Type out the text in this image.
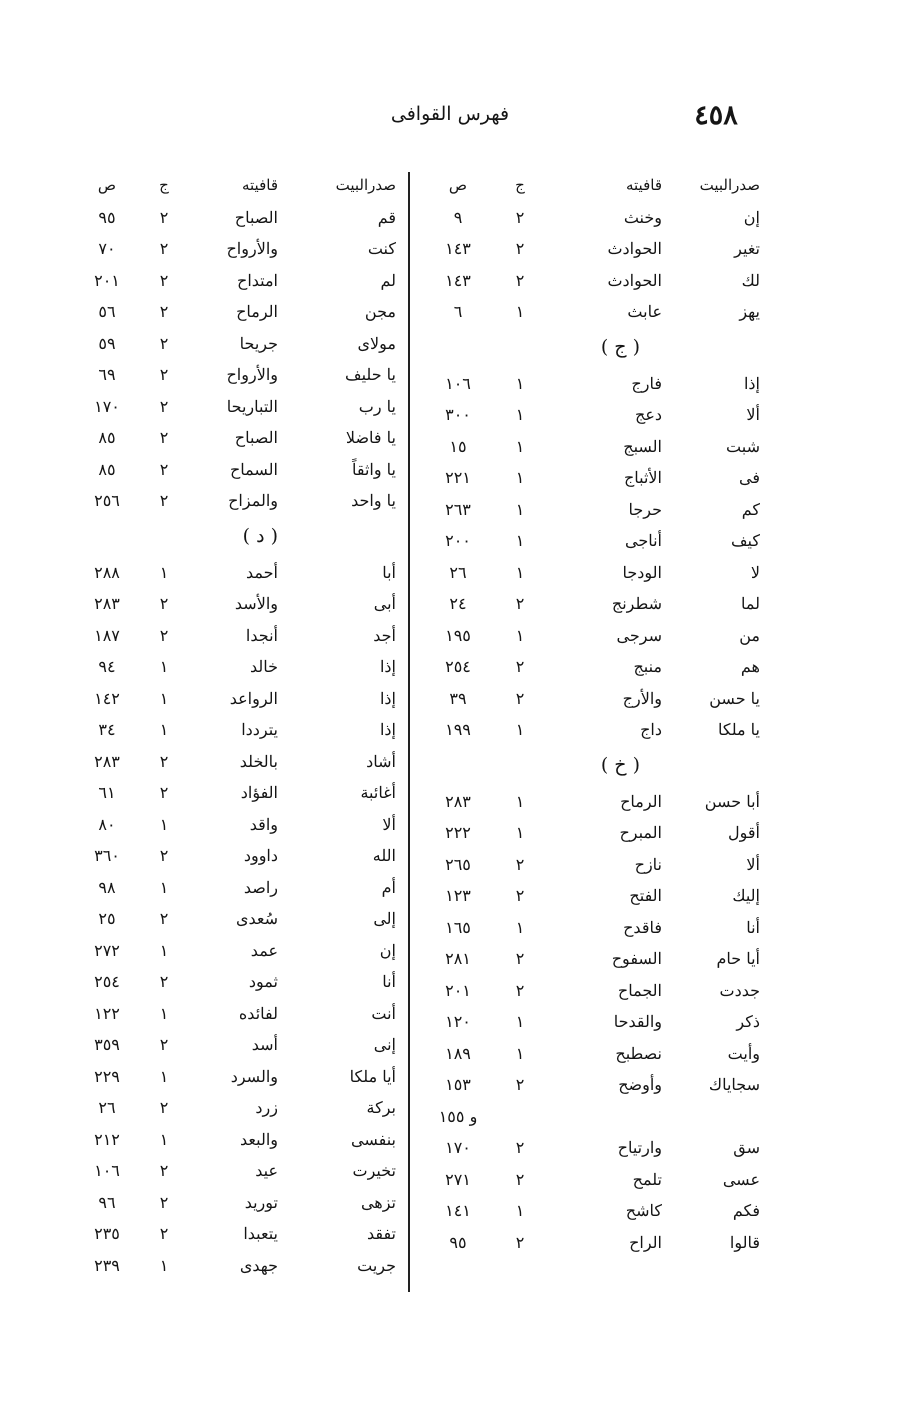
٤٥٨
فهرس القوافى
صدرالبيت
قافيته
ج
ص
إن
وخنث
٢
٩
تغير
الحوادث
٢
١٤٣
لك
الحوادث
٢
١٤٣
يهز
عابث
١
٦
( ج )
إذا
فارج
١
١٠٦
ألا
دعج
١
٣٠٠
شبت
السبج
١
١٥
فى
الأثباج
١
٢٢١
كم
حرجا
١
٢٦٣
كيف
أناجى
١
٢٠٠
لا
الودجا
١
٢٦
لما
شطرنج
٢
٢٤
من
سرجى
١
١٩٥
هم
منبج
٢
٢٥٤
يا حسن
والأرج
٢
٣٩
يا ملكا
داج
١
١٩٩
( خ )
أبا حسن
الرماح
١
٢٨٣
أقول
المبرح
١
٢٢٢
ألا
نازح
٢
٢٦٥
إليك
الفتح
٢
١٢٣
أنا
فاقدح
١
١٦٥
أيا حام
السفوح
٢
٢٨١
جددت
الجماح
٢
٢٠١
ذكر
والقدحا
١
١٢٠
وأيت
نصطبح
١
١٨٩
سجاياك
وأوضح
٢
١٥٣
و ١٥٥
سق
وارتياح
٢
١٧٠
عسى
تلمح
٢
٢٧١
فكم
كاشح
١
١٤١
قالوا
الراح
٢
٩٥
صدرالبيت
قافيته
ج
ص
قم
الصباح
٢
٩٥
كنت
والأرواح
٢
٧٠
لم
امتداح
٢
٢٠١
مجن
الرماح
٢
٥٦
مولاى
جريحا
٢
٥٩
يا حليف
والأرواح
٢
٦٩
يا رب
التباريحا
٢
١٧٠
يا فاضلا
الصباح
٢
٨٥
يا واثقاً
السماح
٢
٨٥
يا واحد
والمزاح
٢
٢٥٦
( د )
أبا
أحمد
١
٢٨٨
أبى
والأسد
٢
٢٨٣
أجد
أنجدا
٢
١٨٧
إذا
خالد
١
٩٤
إذا
الرواعد
١
١٤٢
إذا
يترددا
١
٣٤
أشاد
بالخلد
٢
٢٨٣
أغائبة
الفؤاد
٢
٦١
ألا
واقد
١
٨٠
الله
داوود
٢
٣٦٠
أم
راصد
١
٩٨
إلى
سُعدى
٢
٢٥
إن
عمد
١
٢٧٢
أنا
ثمود
٢
٢٥٤
أنت
لفائده
١
١٢٢
إنى
أسد
٢
٣٥٩
أيا ملكا
والسرد
١
٢٢٩
بركة
زرد
٢
٢٦
بنفسى
والبعد
١
٢١٢
تخيرت
عيد
٢
١٠٦
تزهى
توريد
٢
٩٦
تفقد
يتعبدا
٢
٢٣٥
جريت
جهدى
١
٢٣٩
